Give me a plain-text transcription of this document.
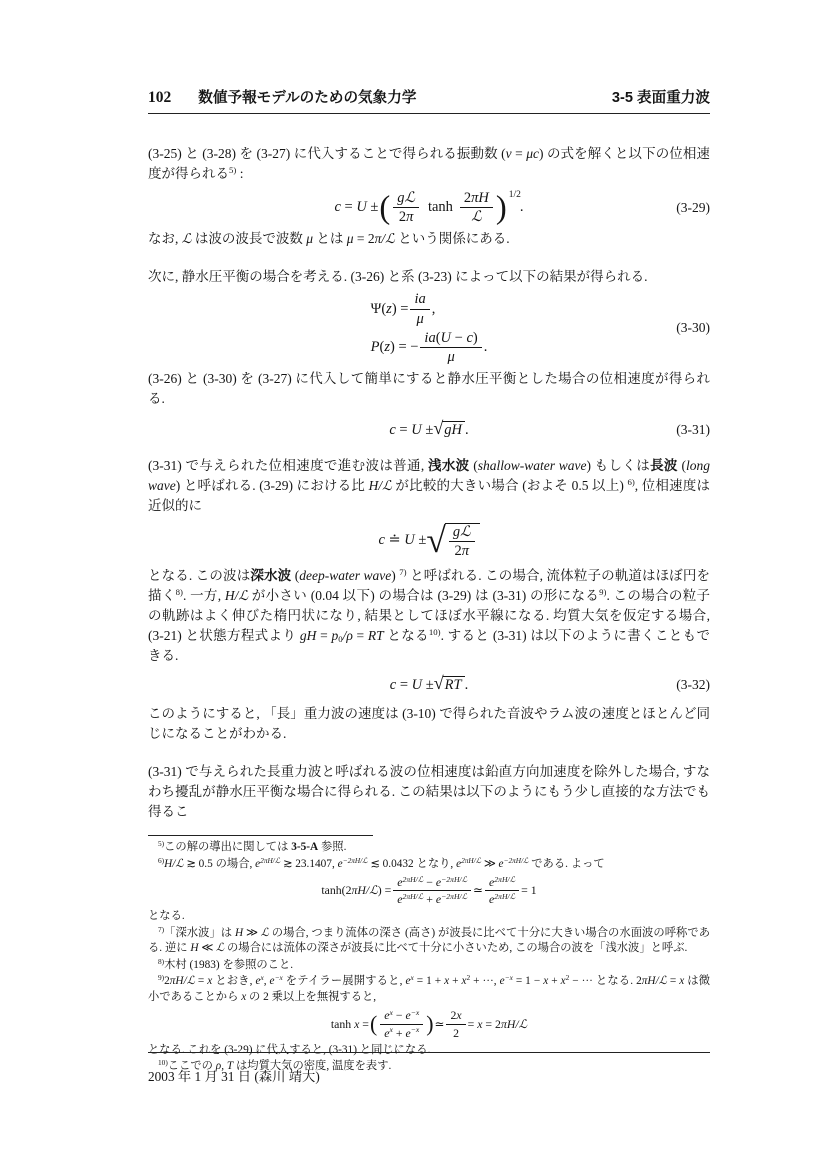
102 数値予報モデルのための気象力学	3-5 表面重力波

(3-25) と (3-28) を (3-27) に代入することで得られる振動数 (ν = μc) の式を解くと以下の位相速度が得られる$^{5)}$ :

c = U ± ( $\frac{\text{gℒ}}{2\pi}$ $\tanh \frac{2\pi H}{\text{ℒ}}$ ) 1/2
.	(3-29)

なお, ℒ は波の波長で波数 μ とは μ = 2π/ℒ という関係にある.

次に, 静水圧平衡の場合を考える. (3-26) と系 (3-23) によって以下の結果が得られる.

$\Psi(z) = \frac{ia}{\mu}$ ,
P(z) = − $\frac{ia(U - c)}{\mu}$ .
(3-30)

(3-26) と (3-30) を (3-27) に代入して簡単にすると静水圧平衡とした場合の位相速度が得られる.

c = U ± √ gH .	(3-31)

(3-31) で与えられた位相速度で進む波は普通, 浅水波 (shallow-water wave) もしくは長波 (long wave) と呼ばれる. (3-29) における比 H/ℒ が比較的大きい場合 (およそ 0.5 以上) $^{6)}$, 位相速度は近似的に

c ≐ U ± √ $\frac{\text{gℒ}}{2\pi}$

となる. この波は深水波 (deep-water wave) $^{7)}$ と呼ばれる. この場合, 流体粒子の軌道はほぼ円を描く$^{8)}$. 一方, H/ℒ が小さい (0.04 以下) の場合は (3-29) は (3-31) の形になる$^{9)}$. この場合の粒子の軌跡はよく伸びた楕円状になり, 結果としてほぼ水平線になる. 均質大気を仮定する場合, (3-21) と状態方程式より gH = $p_0/\rho$ = RT となる$^{10)}$. すると (3-31) は以下のように書くこともできる.

c = U ± √ RT .	(3-32)

このようにすると, 「長」重力波の速度は (3-10) で得られた音波やラム波の速度とほとんど同じになることがわかる.

(3-31) で与えられた長重力波と呼ばれる波の位相速度は鉛直方向加速度を除外した場合, すなわち擾乱が静水圧平衡な場合に得られる. この結果は以下のようにもう少し直接的な方法でも得るこ

$^{5)}$この解の導出に関しては 3-5-A 参照.

$^{6)}$H/ℒ ≳ 0.5 の場合, $e^{2\pi H/ℒ}$ ≳ 23.1407, $e^{-2\pi H/ℒ}$ ≲ 0.0432 となり, $e^{2\pi H/ℒ}$ ≫ $e^{-2\pi H/ℒ}$ である. よって

tanh(2πH/ℒ) = $\frac{e^{2\pi H/ℒ} - e^{-2\pi H/ℒ}}{e^{2\pi H/ℒ} + e^{-2\pi H/ℒ}}$ ≃ $\frac{e^{2\pi H/ℒ}}{e^{2\pi H/ℒ}} = 1$

となる.

$^{7)}$「深水波」は H ≫ ℒ の場合, つまり流体の深さ (高さ) が波長に比べて十分に大きい場合の水面波の呼称である. 逆に H ≪ ℒ の場合には流体の深さが波長に比べて十分に小さいため, この場合の波を「浅水波」と呼ぶ.

$^{8)}$木村 (1983) を参照のこと.

$^{9)}$2πH/ℒ = x とおき, $e^x$, $e^{-x}$ をテイラー展開すると, $e^x = 1 + x + x^2$ + ···, $e^{-x} = 1 - x + x^2$ − ··· となる. 2πH/ℒ = x は微小であることから x の 2 乗以上を無視すると,

tanh x = ( $\frac{e^x - e^{-x}}{e^x + e^{-x}}$ ) ≃ $\frac{2x}{2} = x$ = 2πH/ℒ

となる. これを (3-29) に代入すると, (3-31) と同じになる.

$^{10)}$ここでの ρ, T は均質大気の密度, 温度を表す.

2003 年 1 月 31 日 (森川 靖大)
